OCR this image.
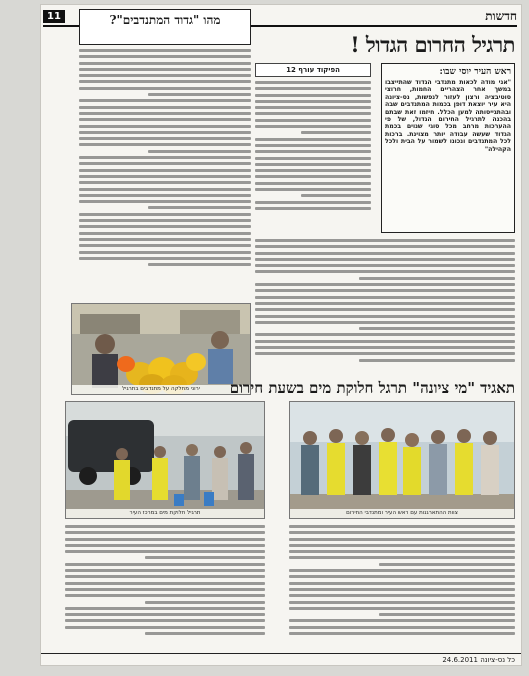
חדשות
11	מהו "גדוד המתנדבים"?
תרגיל החרום הגדול !
ראש העיר יוסי שבו:
"אני מודה לכאות מתנדבי הגדוד שהתייצבו במשך אחר הצהריים החמות, חרוצי סוטיבציה ורצון לעזור לנפשות, נס-ציונה היא עיר יוצאת דופן בכמות המתנדבים שבה ובהתגייסותה למען הכלל. חיזמו זאת שבתם בהכנה לתרגיל החירום הגדול, של פי ההערכות מרחב מכל סוגי שנוים בכמת הגדוד שעשה עבודה יותר מצוינת. ברכות לכל המתנדבים ונכונו לשמור על הבית ולכל הקהילה"
הפיקוד עורף 12
ירוני מחלקה על מתנדבים בתרגיל	תאגיד
"מי ציונה" תרגל חלוקת מים בשעת חירום
צוות ההתארגנות עם ראש העיר ומתנדבי החירום
תרגיל חלוקת מים במרכז העיר
כל נס-ציונה ‎24.6.2011
